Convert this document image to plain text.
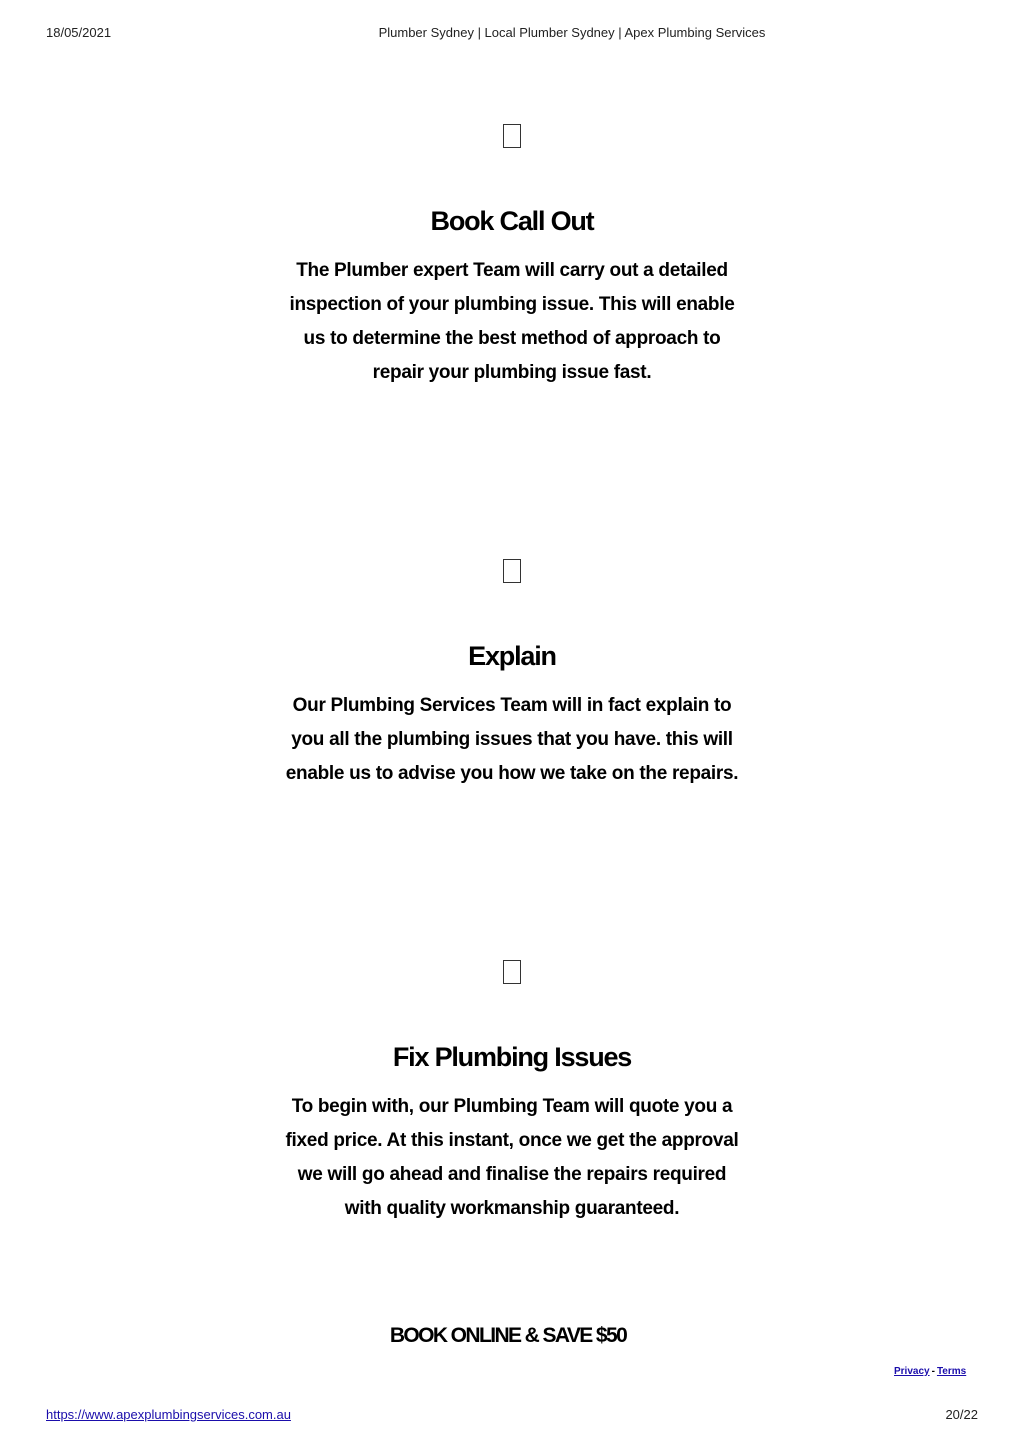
18/05/2021	Plumber Sydney | Local Plumber Sydney | Apex Plumbing Services
Book Call Out

The Plumber expert Team will carry out a detailed inspection of your plumbing issue. This will enable us to determine the best method of approach to repair your plumbing issue fast.

Explain

Our Plumbing Services Team will in fact explain to you all the plumbing issues that you have. this will enable us to advise you how we take on the repairs.

Fix Plumbing Issues

To begin with, our Plumbing Team will quote you a fixed price. At this instant, once we get the approval we will go ahead and finalise the repairs required with quality workmanship guaranteed.

BOOK ONLINE & SAVE $50
Privacy - Terms
https://www.apexplumbingservices.com.au	20/22
